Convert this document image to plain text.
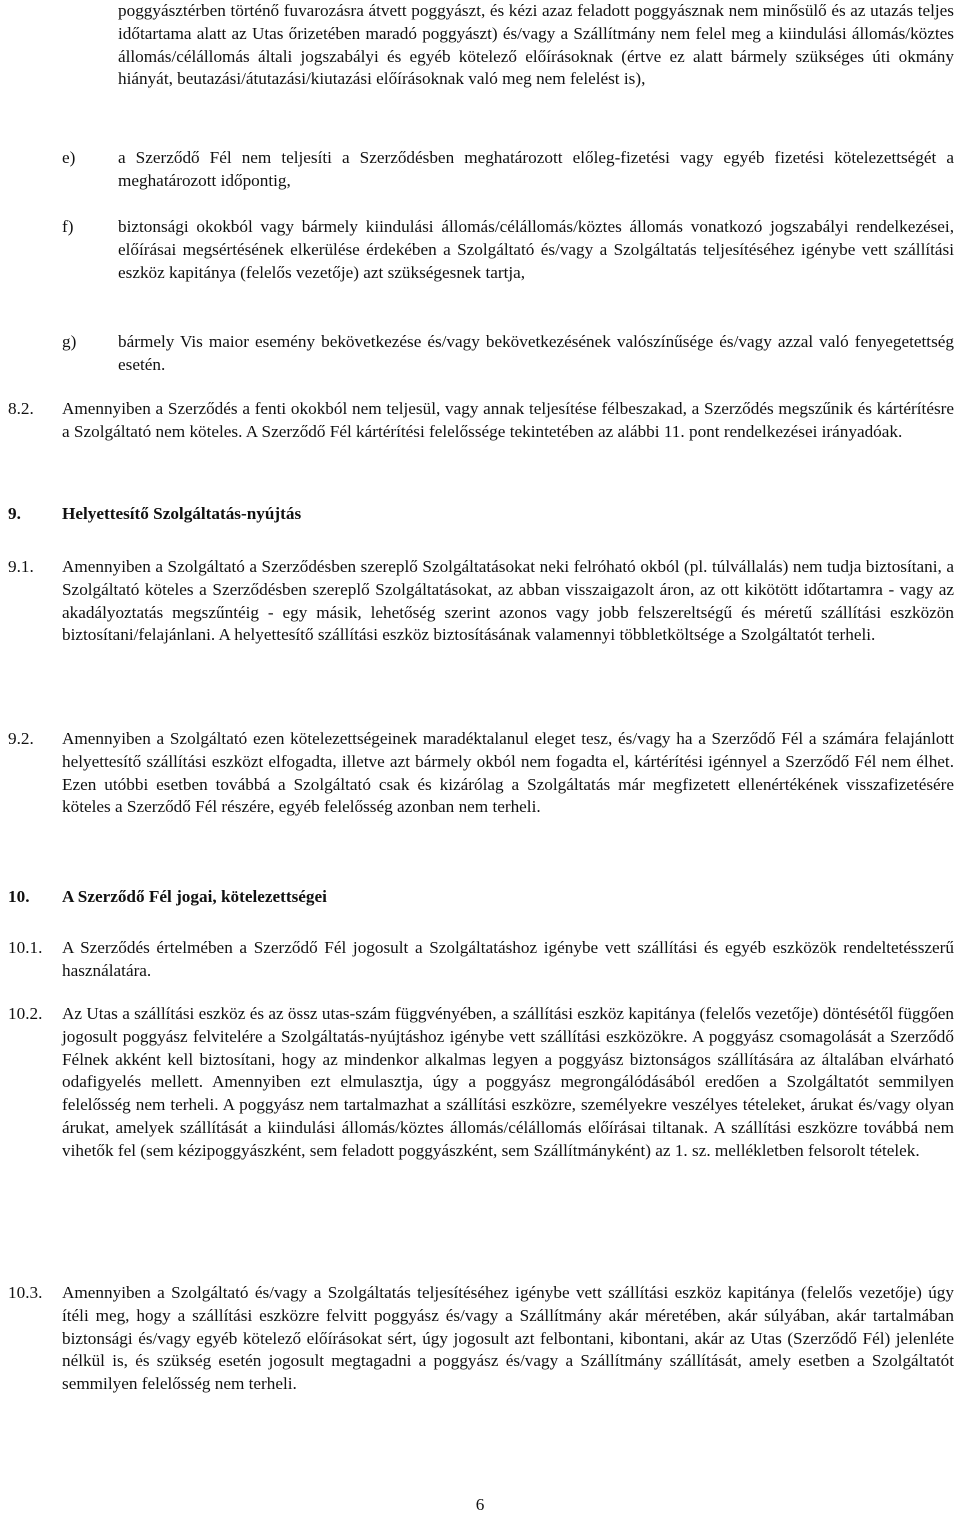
poggyásztérben történő fuvarozásra átvett poggyászt, és kézi azaz feladott poggyásznak nem minősülő és az utazás teljes időtartama alatt az Utas őrizetében maradó poggyászt) és/vagy a Szállítmány nem felel meg a kiindulási állomás/köztes állomás/célállomás általi jogszabályi és egyéb kötelező előírásoknak (értve ez alatt bármely szükséges úti okmány hiányát, beutazási/átutazási/kiutazási előírásoknak való meg nem felelést is),
e) a Szerződő Fél nem teljesíti a Szerződésben meghatározott előleg-fizetési vagy egyéb fizetési kötelezettségét a meghatározott időpontig,
f)	biztonsági okokból vagy bármely kiindulási állomás/célállomás/köztes állomás vonatkozó jogszabályi rendelkezései, előírásai megsértésének elkerülése érdekében a Szolgáltató és/vagy a Szolgáltatás teljesítéséhez igénybe vett szállítási eszköz kapitánya (felelős vezetője) azt szükségesnek tartja,
g) bármely Vis maior esemény bekövetkezése és/vagy bekövetkezésének valószínűsége és/vagy azzal való fenyegetettség esetén.
8.2. Amennyiben a Szerződés a fenti okokból nem teljesül, vagy annak teljesítése félbeszakad, a Szerződés megszűnik és kártérítésre a Szolgáltató nem köteles. A Szerződő Fél kártérítési felelőssége tekintetében az alábbi 11. pont rendelkezései irányadóak.
9. Helyettesítő Szolgáltatás-nyújtás
9.1. Amennyiben a Szolgáltató a Szerződésben szereplő Szolgáltatásokat neki felróható okból (pl. túlvállalás) nem tudja biztosítani, a Szolgáltató köteles a Szerződésben szereplő Szolgáltatásokat, az abban visszaigazolt áron, az ott kikötött időtartamra - vagy az akadályoztatás megszűntéig - egy másik, lehetőség szerint azonos vagy jobb felszereltségű és méretű szállítási eszközön biztosítani/felajánlani. A helyettesítő szállítási eszköz biztosításának valamennyi többletköltsége a Szolgáltatót terheli.
9.2. Amennyiben a Szolgáltató ezen kötelezettségeinek maradéktalanul eleget tesz, és/vagy ha a Szerződő Fél a számára felajánlott helyettesítő szállítási eszközt elfogadta, illetve azt bármely okból nem fogadta el, kártérítési igénnyel a Szerződő Fél nem élhet. Ezen utóbbi esetben továbbá a Szolgáltató csak és kizárólag a Szolgáltatás már megfizetett ellenértékének visszafizetésére köteles a Szerződő Fél részére, egyéb felelősség azonban nem terheli.
10. A Szerződő Fél jogai, kötelezettségei
10.1. A Szerződés értelmében a Szerződő Fél jogosult a Szolgáltatáshoz igénybe vett szállítási és egyéb eszközök rendeltetésszerű használatára.
10.2. Az Utas a szállítási eszköz és az össz utas-szám függvényében, a szállítási eszköz kapitánya (felelős vezetője) döntésétől függően jogosult poggyász felvitelére a Szolgáltatás-nyújtáshoz igénybe vett szállítási eszközökre. A poggyász csomagolását a Szerződő Félnek akként kell biztosítani, hogy az mindenkor alkalmas legyen a poggyász biztonságos szállítására az általában elvárható odafigyelés mellett. Amennyiben ezt elmulasztja, úgy a poggyász megrongálódásából eredően a Szolgáltatót semmilyen felelősség nem terheli. A poggyász nem tartalmazhat a szállítási eszközre, személyekre veszélyes tételeket, árukat és/vagy olyan árukat, amelyek szállítását a kiindulási állomás/köztes állomás/célállomás előírásai tiltanak. A szállítási eszközre továbbá nem vihetők fel (sem kézipoggyászként, sem feladott poggyászként, sem Szállítmányként) az 1. sz. mellékletben felsorolt tételek.
10.3. Amennyiben a Szolgáltató és/vagy a Szolgáltatás teljesítéséhez igénybe vett szállítási eszköz kapitánya (felelős vezetője) úgy ítéli meg, hogy a szállítási eszközre felvitt poggyász és/vagy a Szállítmány akár méretében, akár súlyában, akár tartalmában biztonsági és/vagy egyéb kötelező előírásokat sért, úgy jogosult azt felbontani, kibontani, akár az Utas (Szerződő Fél) jelenléte nélkül is, és szükség esetén jogosult megtagadni a poggyász és/vagy a Szállítmány szállítását, amely esetben a Szolgáltatót semmilyen felelősség nem terheli.
6
